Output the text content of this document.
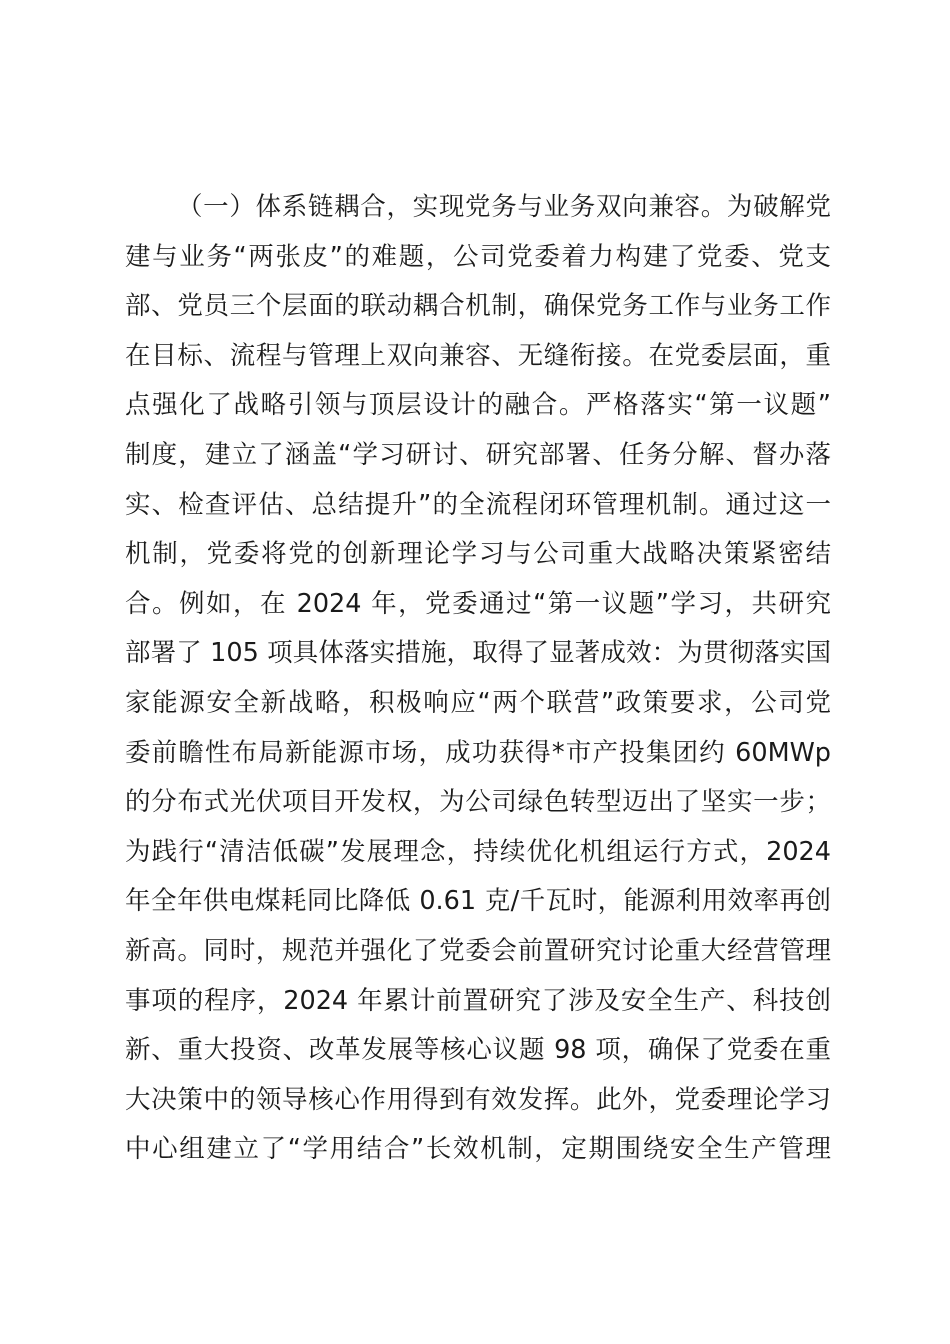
（一）体系链耦合，实现党务与业务双向兼容。为破解党
建与业务“两张皮”的难题，公司党委着力构建了党委、党支
部、党员三个层面的联动耦合机制，确保党务工作与业务工作
在目标、流程与管理上双向兼容、无缝衔接。在党委层面，重
点强化了战略引领与顶层设计的融合。严格落实“第一议题”
制度，建立了涵盖“学习研讨、研究部署、任务分解、督办落
实、检查评估、总结提升”的全流程闭环管理机制。通过这一
机制，党委将党的创新理论学习与公司重大战略决策紧密结
合。例如，在 2024 年，党委通过“第一议题”学习，共研究
部署了 105 项具体落实措施，取得了显著成效：为贯彻落实国
家能源安全新战略，积极响应“两个联营”政策要求，公司党
委前瞻性布局新能源市场，成功获得*市产投集团约 60MWp
的分布式光伏项目开发权，为公司绿色转型迈出了坚实一步；
为践行“清洁低碳”发展理念，持续优化机组运行方式，2024
年全年供电煤耗同比降低 0.61 克/千瓦时，能源利用效率再创
新高。同时，规范并强化了党委会前置研究讨论重大经营管理
事项的程序，2024 年累计前置研究了涉及安全生产、科技创
新、重大投资、改革发展等核心议题 98 项，确保了党委在重
大决策中的领导核心作用得到有效发挥。此外，党委理论学习
中心组建立了“学用结合”长效机制，定期围绕安全生产管理
